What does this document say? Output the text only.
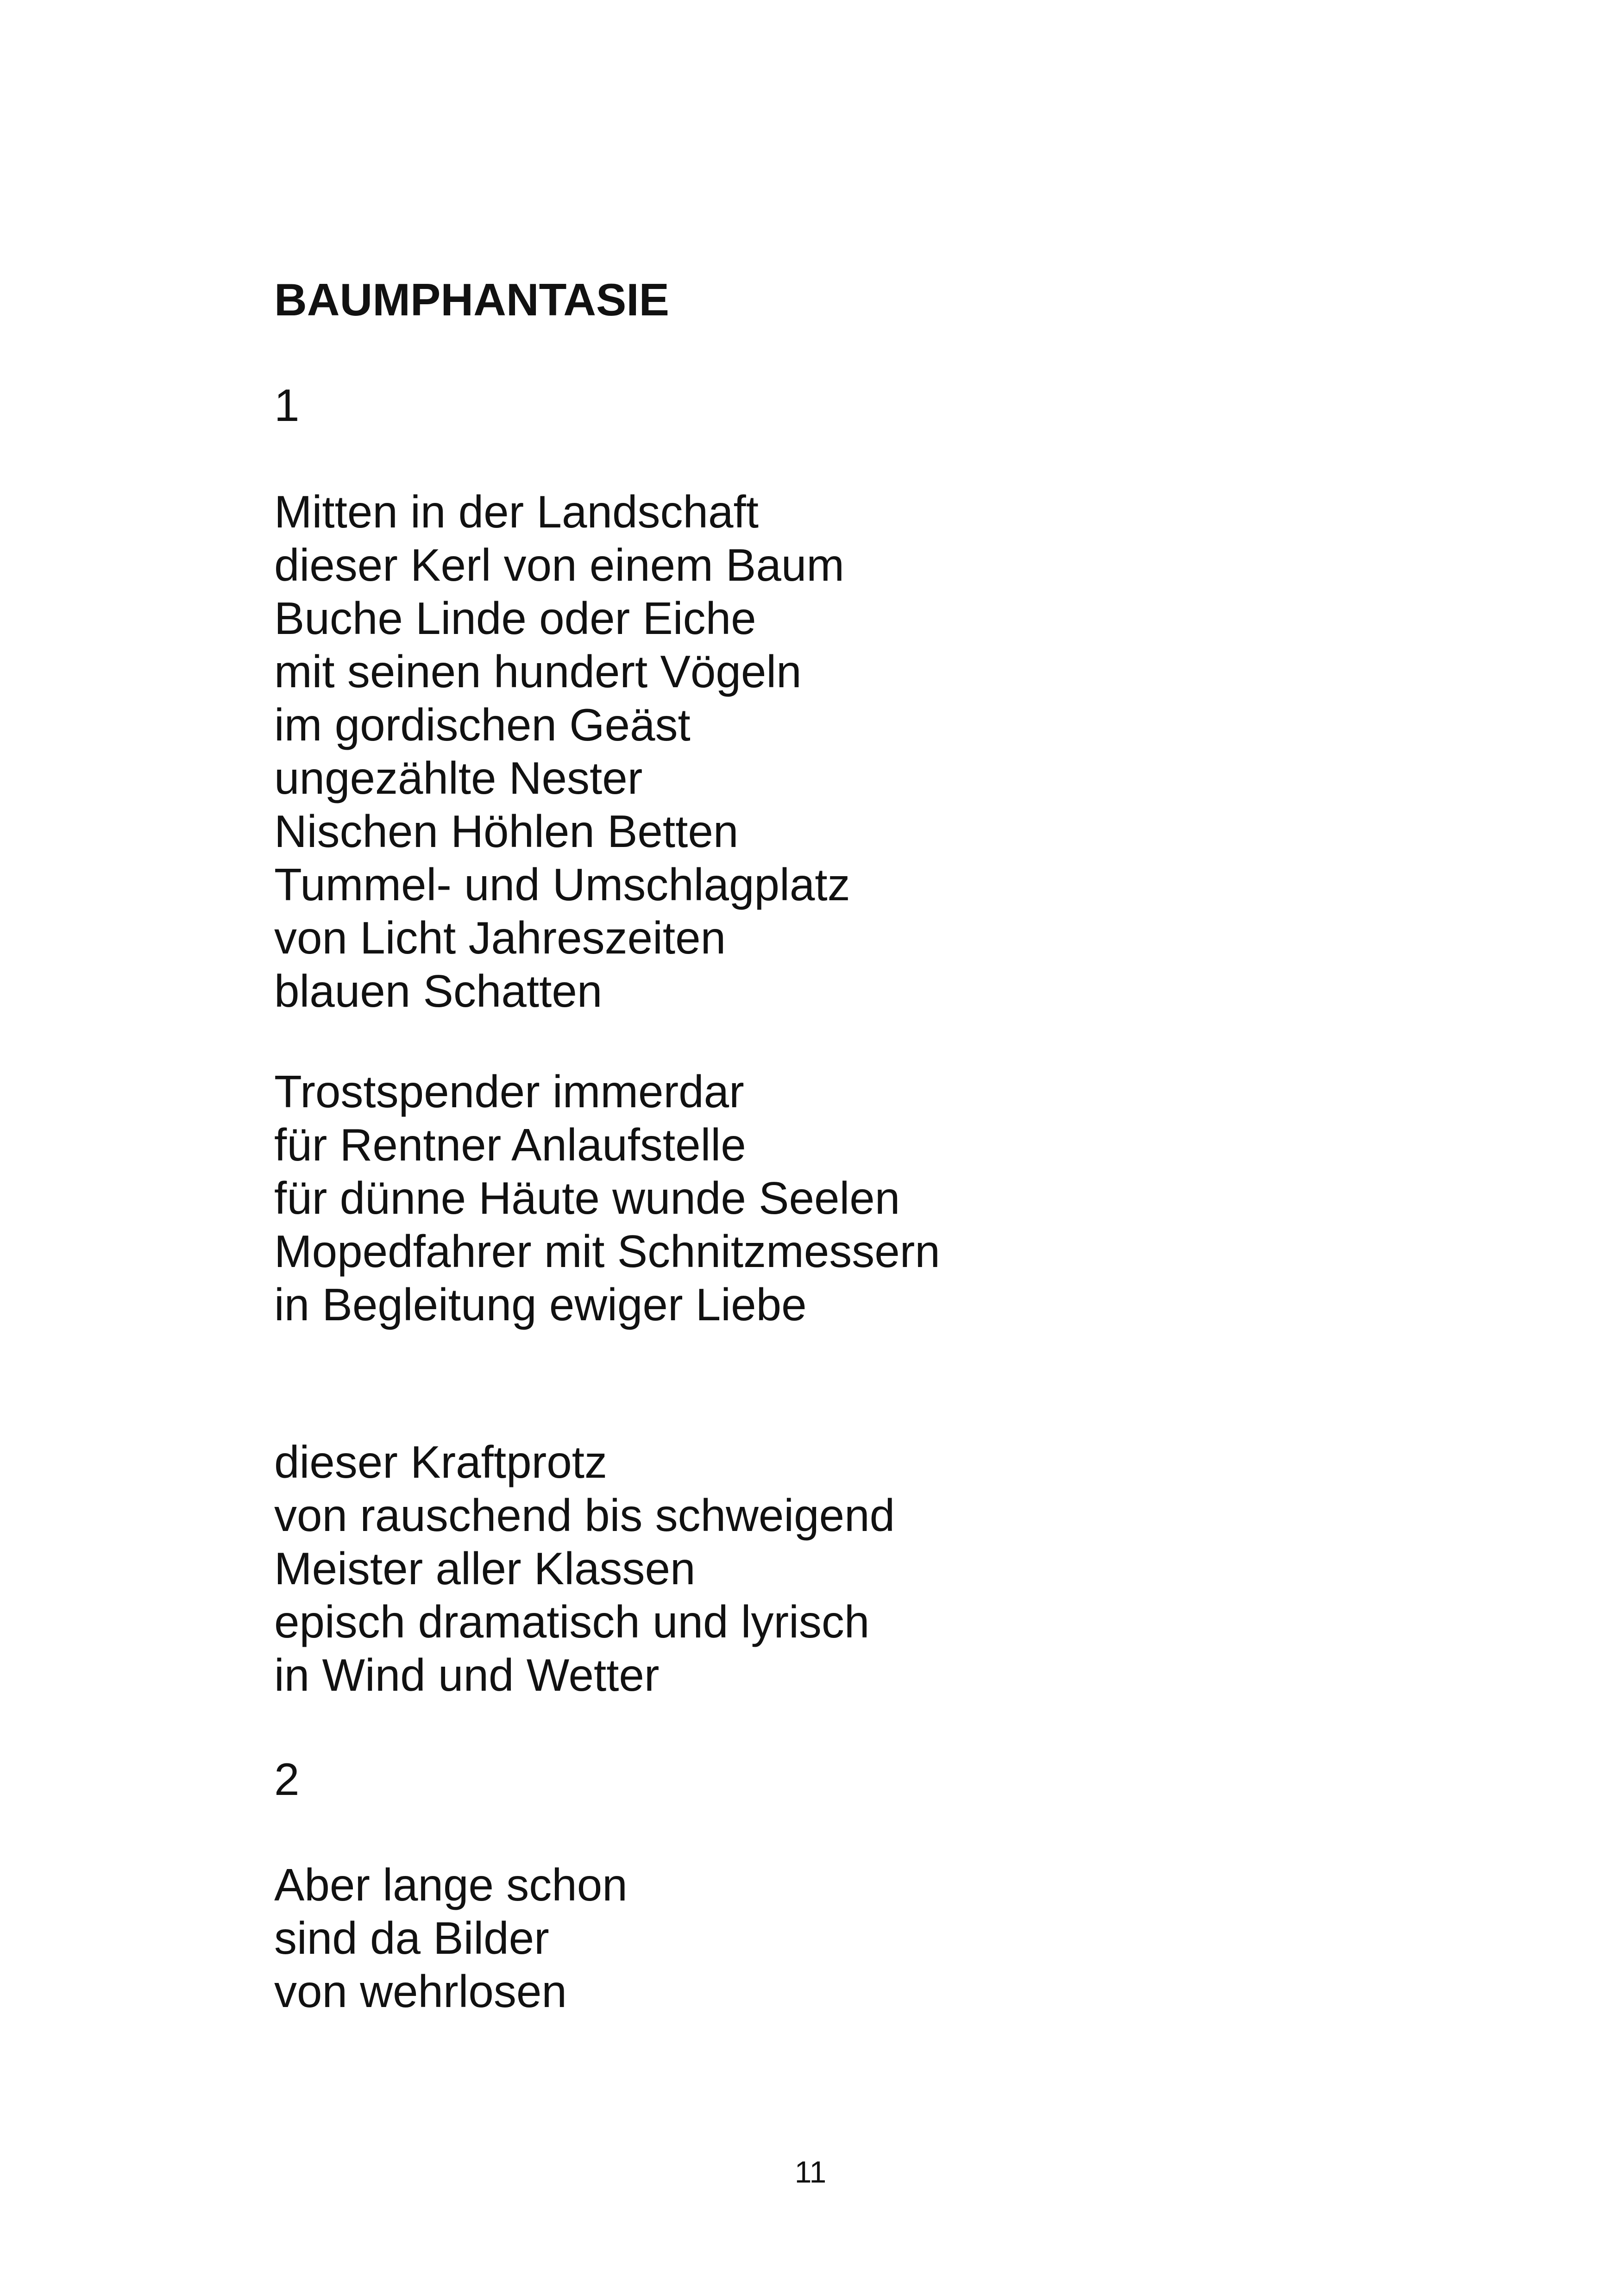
BAUMPHANTASIE
1
Mitten in der Landschaft
dieser Kerl von einem Baum
Buche Linde oder Eiche
mit seinen hundert Vögeln
im gordischen Geäst
ungezählte Nester
Nischen Höhlen Betten
Tummel- und Umschlagplatz
von Licht Jahreszeiten
blauen Schatten
Trostspender immerdar
für Rentner Anlaufstelle
für dünne Häute wunde Seelen
Mopedfahrer mit Schnitzmessern
in Begleitung ewiger Liebe
dieser Kraftprotz
von rauschend bis schweigend
Meister aller Klassen
episch dramatisch und lyrisch
in Wind und Wetter
2
Aber lange schon
sind da Bilder
von wehrlosen
11
